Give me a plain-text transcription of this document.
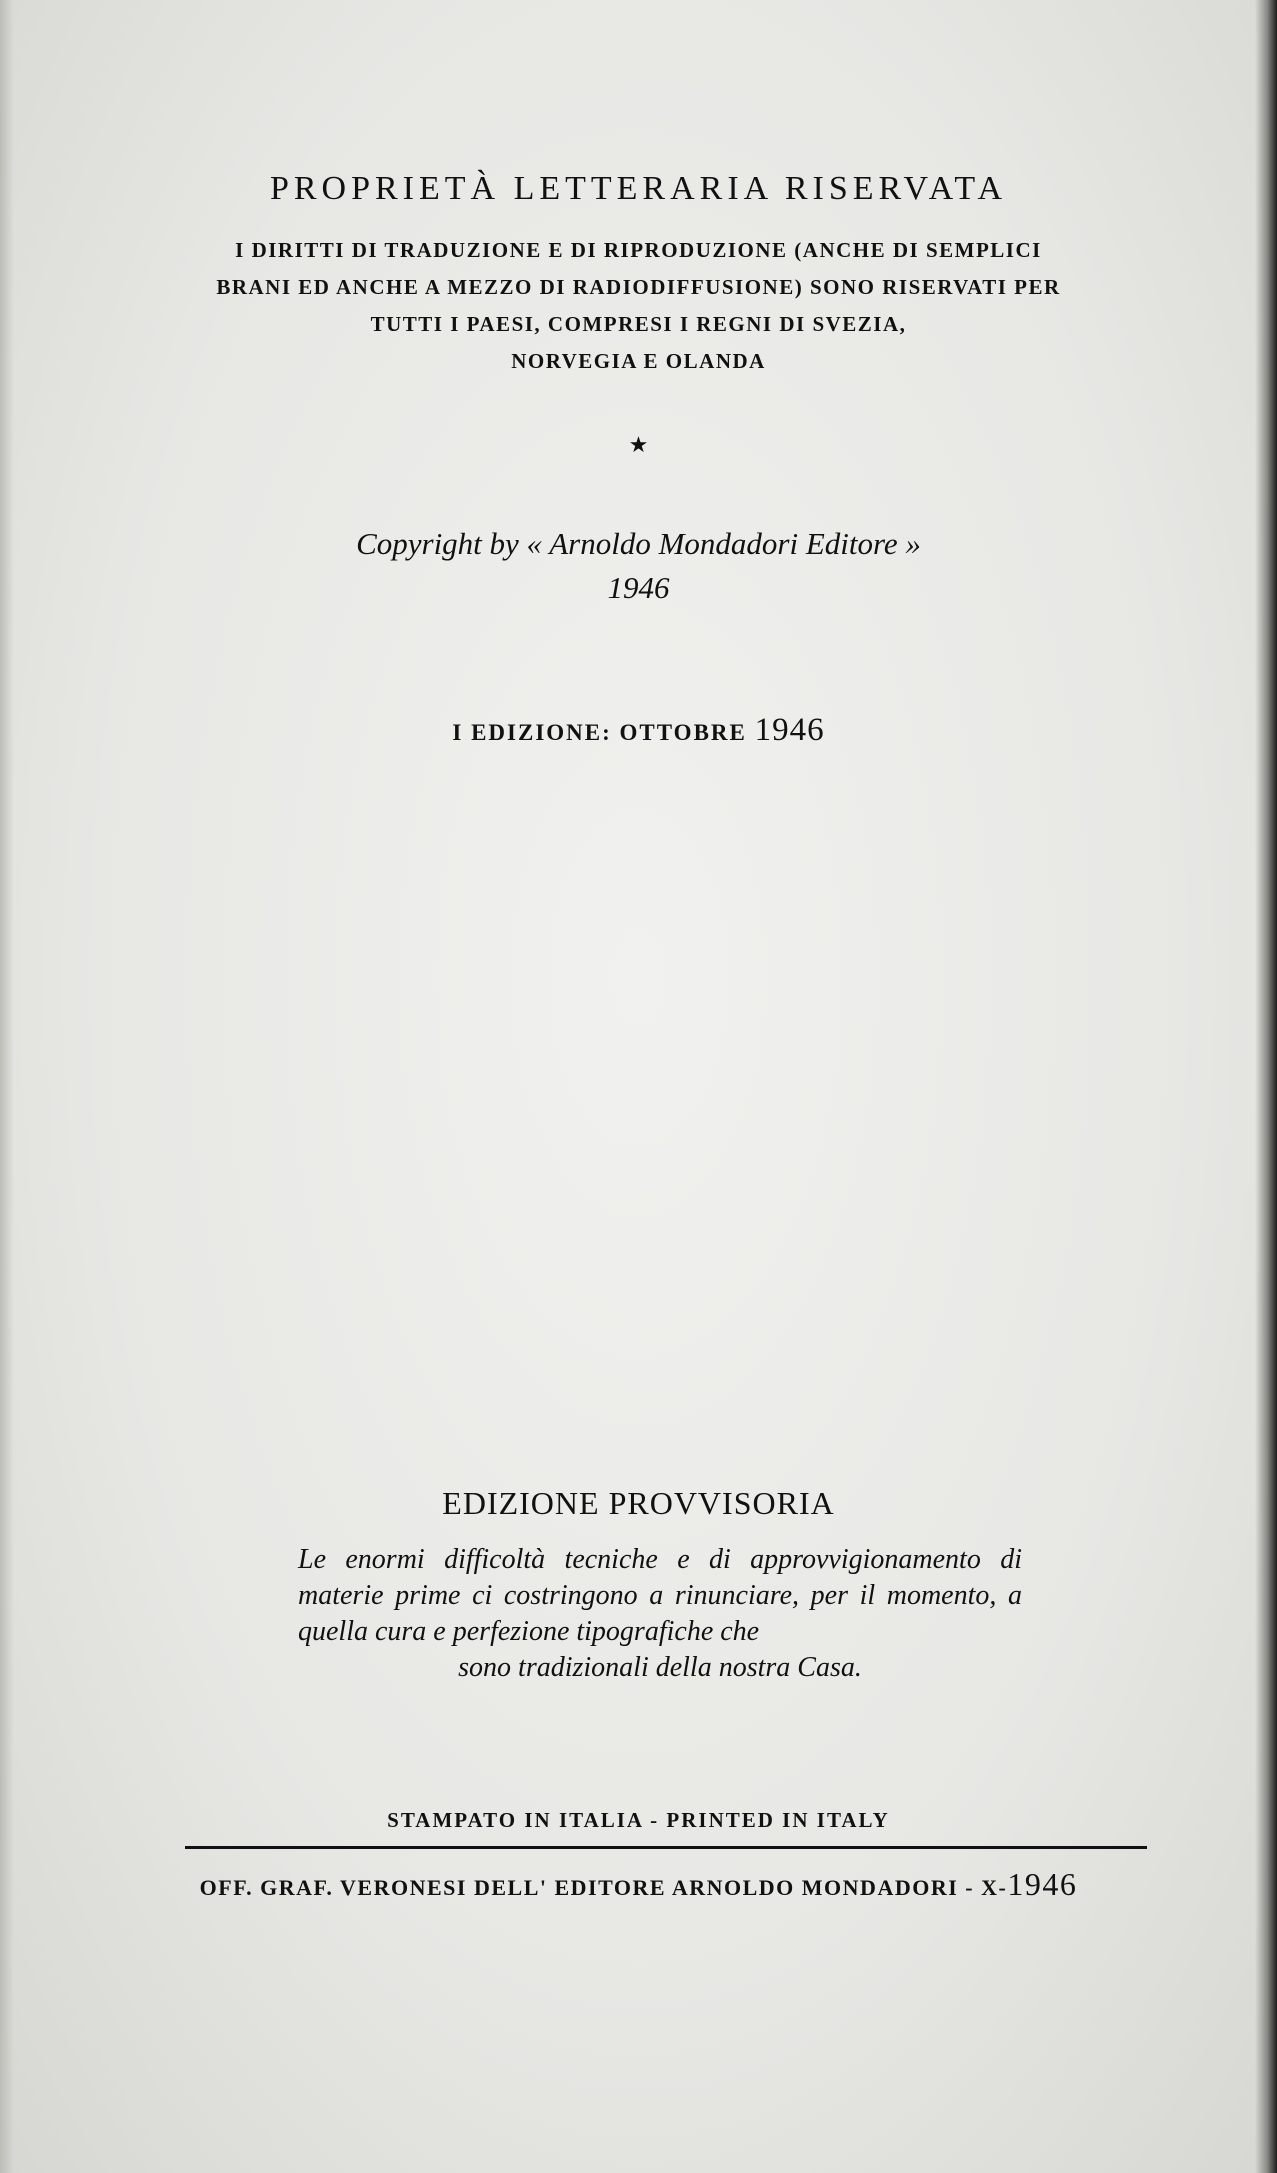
PROPRIETÀ LETTERARIA RISERVATA
I DIRITTI DI TRADUZIONE E DI RIPRODUZIONE (ANCHE DI SEMPLICI
BRANI ED ANCHE A MEZZO DI RADIODIFFUSIONE) SONO RISERVATI PER
TUTTI I PAESI, COMPRESI I REGNI DI SVEZIA,
NORVEGIA E OLANDA
★
Copyright by « Arnoldo Mondadori Editore »
1946
I EDIZIONE: OTTOBRE 1946
EDIZIONE PROVVISORIA
Le enormi difficoltà tecniche e di approvvigionamento di materie prime ci costringono a rinunciare, per il momento, a quella cura e perfezione tipografiche che
sono tradizionali della nostra Casa.
STAMPATO IN ITALIA - PRINTED IN ITALY
OFF. GRAF. VERONESI DELL' EDITORE ARNOLDO MONDADORI - X-1946
